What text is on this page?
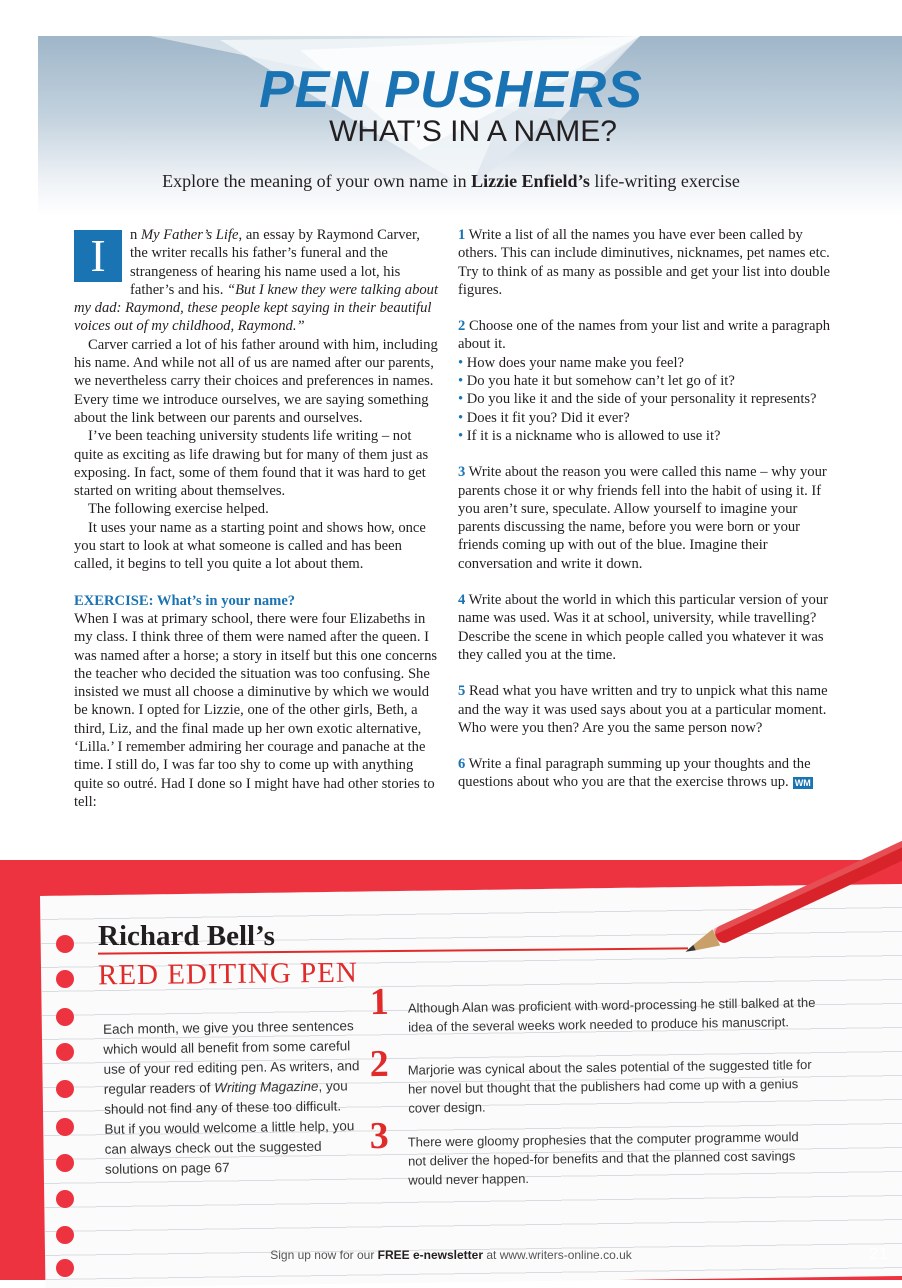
PEN PUSHERS
WHAT’S IN A NAME?
Explore the meaning of your own name in Lizzie Enfield’s life-writing exercise

I	n My Father’s Life, an essay by Raymond Carver, the writer recalls his father’s funeral and the strangeness of hearing his name used a lot, his father’s and his. “But I knew they were talking about my dad: Raymond, these people kept saying in their beautiful voices out of my childhood, Raymond.”

Carver carried a lot of his father around with him, including his name. And while not all of us are named after our parents, we nevertheless carry their choices and preferences in names. Every time we introduce ourselves, we are saying something about the link between our parents and ourselves.

I’ve been teaching university students life writing – not quite as exciting as life drawing but for many of them just as exposing. In fact, some of them found that it was hard to get started on writing about themselves.

The following exercise helped.

It uses your name as a starting point and shows how, once you start to look at what someone is called and has been called, it begins to tell you quite a lot about them.

EXERCISE: What’s in your name?

When I was at primary school, there were four Elizabeths in my class. I think three of them were named after the queen. I was named after a horse; a story in itself but this one concerns the teacher who decided the situation was too confusing. She insisted we must all choose a diminutive by which we would be known. I opted for Lizzie, one of the other girls, Beth, a third, Liz, and the final made up her own exotic alternative, ‘Lilla.’ I remember admiring her courage and panache at the time. I still do, I was far too shy to come up with anything quite so outré. Had I done so I might have had other stories to tell:

1 Write a list of all the names you have ever been called by others. This can include diminutives, nicknames, pet names etc. Try to think of as many as possible and get your list into double figures.

2 Choose one of the names from your list and write a paragraph about it.

• How does your name make you feel?

• Do you hate it but somehow can’t let go of it?

• Do you like it and the side of your personality it represents?

• Does it fit you? Did it ever?

• If it is a nickname who is allowed to use it?

3 Write about the reason you were called this name – why your parents chose it or why friends fell into the habit of using it. If you aren’t sure, speculate. Allow yourself to imagine your parents discussing the name, before you were born or your friends coming up with out of the blue. Imagine their conversation and write it down.

4 Write about the world in which this particular version of your name was used. Was it at school, university, while travelling? Describe the scene in which people called you whatever it was they called you at the time.

5 Read what you have written and try to unpick what this name and the way it was used says about you at a particular moment. Who were you then? Are you the same person now?

6 Write a final paragraph summing up your thoughts and the questions about who you are that the exercise throws up. WM

Richard Bell’s
RED EDITING PEN
Each month, we give you three sentences which would all benefit from some careful use of your red editing pen. As writers, and regular readers of Writing Magazine, you should not find any of these too difficult. But if you would welcome a little help, you can always check out the suggested solutions on page 67
1 Although Alan was proficient with word-processing he still balked at the idea of the several weeks work needed to produce his manuscript.
2 Marjorie was cynical about the sales potential of the suggested title for her novel but thought that the publishers had come up with a genius cover design.
3 There were gloomy prophesies that the computer programme would not deliver the hoped-for benefits and that the planned cost savings would never happen.
Sign up now for our FREE e-newsletter at www.writers-online.co.uk	21
